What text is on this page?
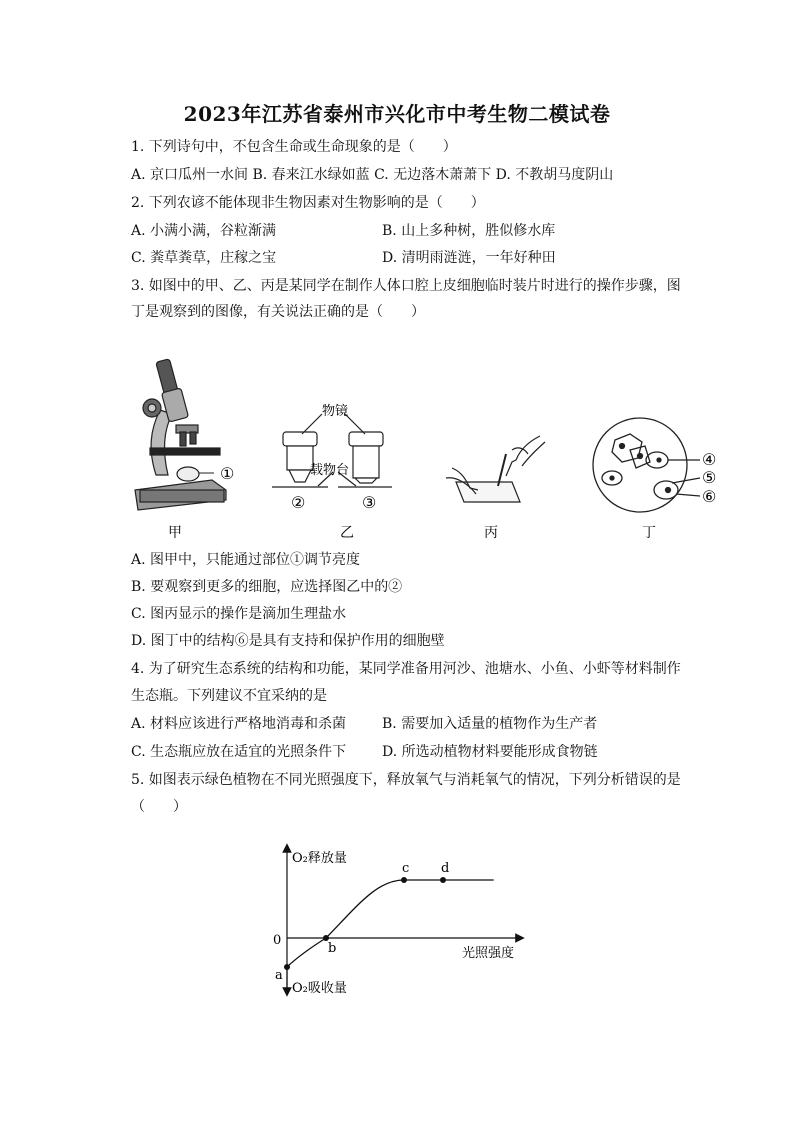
2023年江苏省泰州市兴化市中考生物二模试卷
1. 下列诗句中，不包含生命或生命现象的是（　　）
A. 京口瓜州一水间 B. 春来江水绿如蓝 C. 无边落木萧萧下 D. 不教胡马度阴山
2. 下列农谚不能体现非生物因素对生物影响的是（　　）
A. 小满小满，谷粒渐满	B. 山上多种树，胜似修水库
C. 粪草粪草，庄稼之宝	D. 清明雨涟涟，一年好种田
3. 如图中的甲、乙、丙是某同学在制作人体口腔上皮细胞临时装片时进行的操作步骤，图
丁是观察到的图像，有关说法正确的是（　　）
①
物镜
载物台
②	③
④
⑤
⑥
甲	乙	丙	丁
A. 图甲中，只能通过部位①调节亮度
B. 要观察到更多的细胞，应选择图乙中的②
C. 图丙显示的操作是滴加生理盐水
D. 图丁中的结构⑥是具有支持和保护作用的细胞壁
4. 为了研究生态系统的结构和功能，某同学准备用河沙、池塘水、小鱼、小虾等材料制作
生态瓶。下列建议不宜采纳的是
A. 材料应该进行严格地消毒和杀菌	B. 需要加入适量的植物作为生产者
C. 生态瓶应放在适宜的光照条件下	D. 所选动植物材料要能形成食物链
5. 如图表示绿色植物在不同光照强度下，释放氧气与消耗氧气的情况，下列分析错误的是
（　　）
O₂释放量
O₂吸收量
光照强度
0
a
b
c d
